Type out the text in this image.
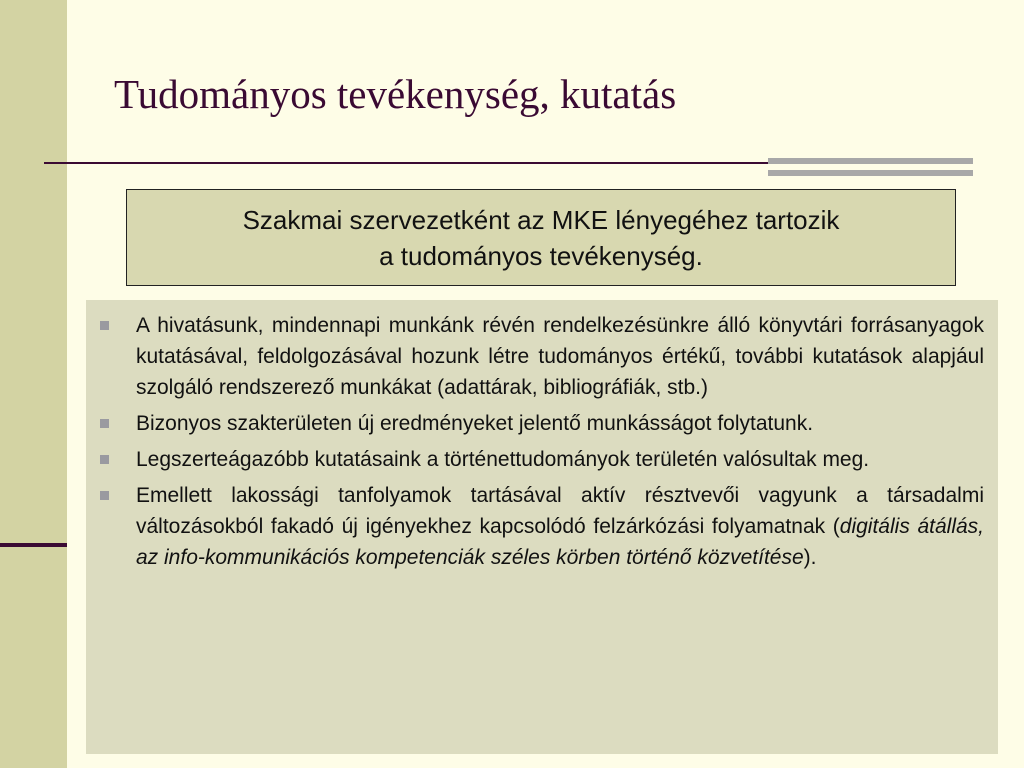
Tudományos tevékenység, kutatás
Szakmai szervezetként az MKE lényegéhez tartozik
a tudományos tevékenység.
A hivatásunk, mindennapi munkánk révén rendelkezésünkre álló könyvtári forrásanyagok kutatásával, feldolgozásával hozunk létre tudományos értékű, további kutatások alapjául szolgáló rendszerező munkákat (adattárak, bibliográfiák, stb.)
Bizonyos szakterületen új eredményeket jelentő munkásságot folytatunk.
Legszerteágazóbb kutatásaink a történettudományok területén valósultak meg.
Emellett lakossági tanfolyamok tartásával aktív résztvevői vagyunk a társadalmi változásokból fakadó új igényekhez kapcsolódó felzárkózási folyamatnak (digitális átállás, az info-kommunikációs kompetenciák széles körben történő közvetítése).
